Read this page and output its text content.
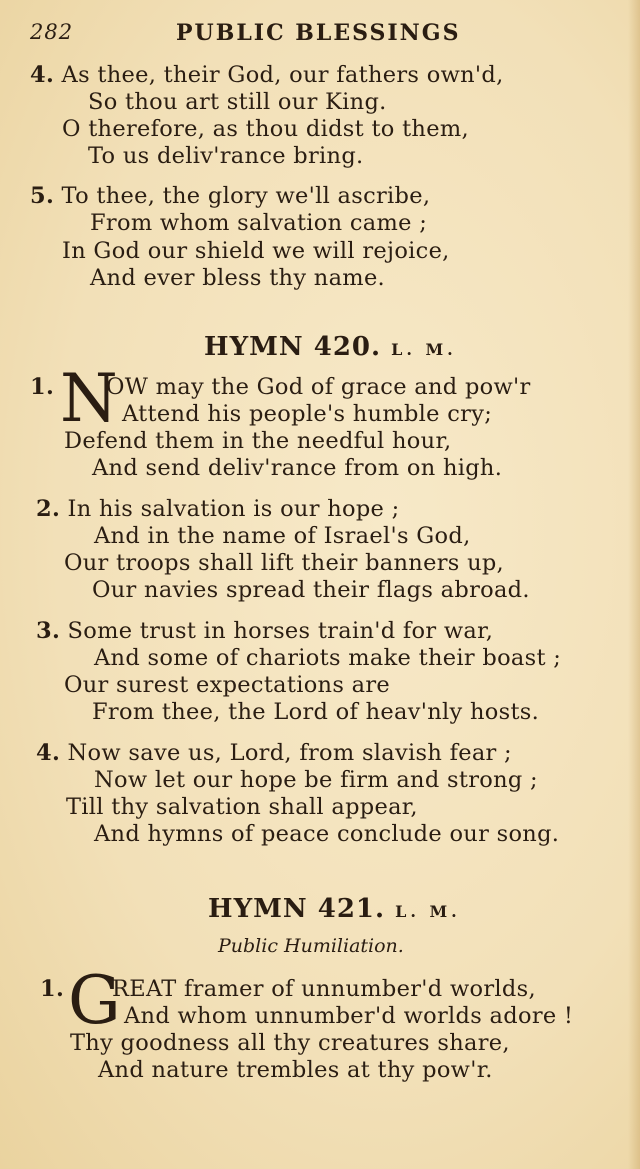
282	PUBLIC BLESSINGS
4. As thee, their God, our fathers own'd,
So thou art still our King.
O therefore, as thou didst to them,
To us deliv'rance bring.
5. To thee, the glory we'll ascribe,
From whom salvation came ;
In God our shield we will rejoice,
And ever bless thy name.
HYMN 420. L. M.
1. N
OW may the God of grace and pow'r
Attend his people's humble cry;
Defend them in the needful hour,
And send deliv'rance from on high.
2. In his salvation is our hope ;
And in the name of Israel's God,
Our troops shall lift their banners up,
Our navies spread their flags abroad.
3. Some trust in horses train'd for war,
And some of chariots make their boast ;
Our surest expectations are
From thee, the Lord of heav'nly hosts.
4. Now save us, Lord, from slavish fear ;
Now let our hope be firm and strong ;
Till thy salvation shall appear,
And hymns of peace conclude our song.
HYMN 421. L. M.
Public Humiliation.
1. G
REAT framer of unnumber'd worlds,
And whom unnumber'd worlds adore !
Thy goodness all thy creatures share,
And nature trembles at thy pow'r.
